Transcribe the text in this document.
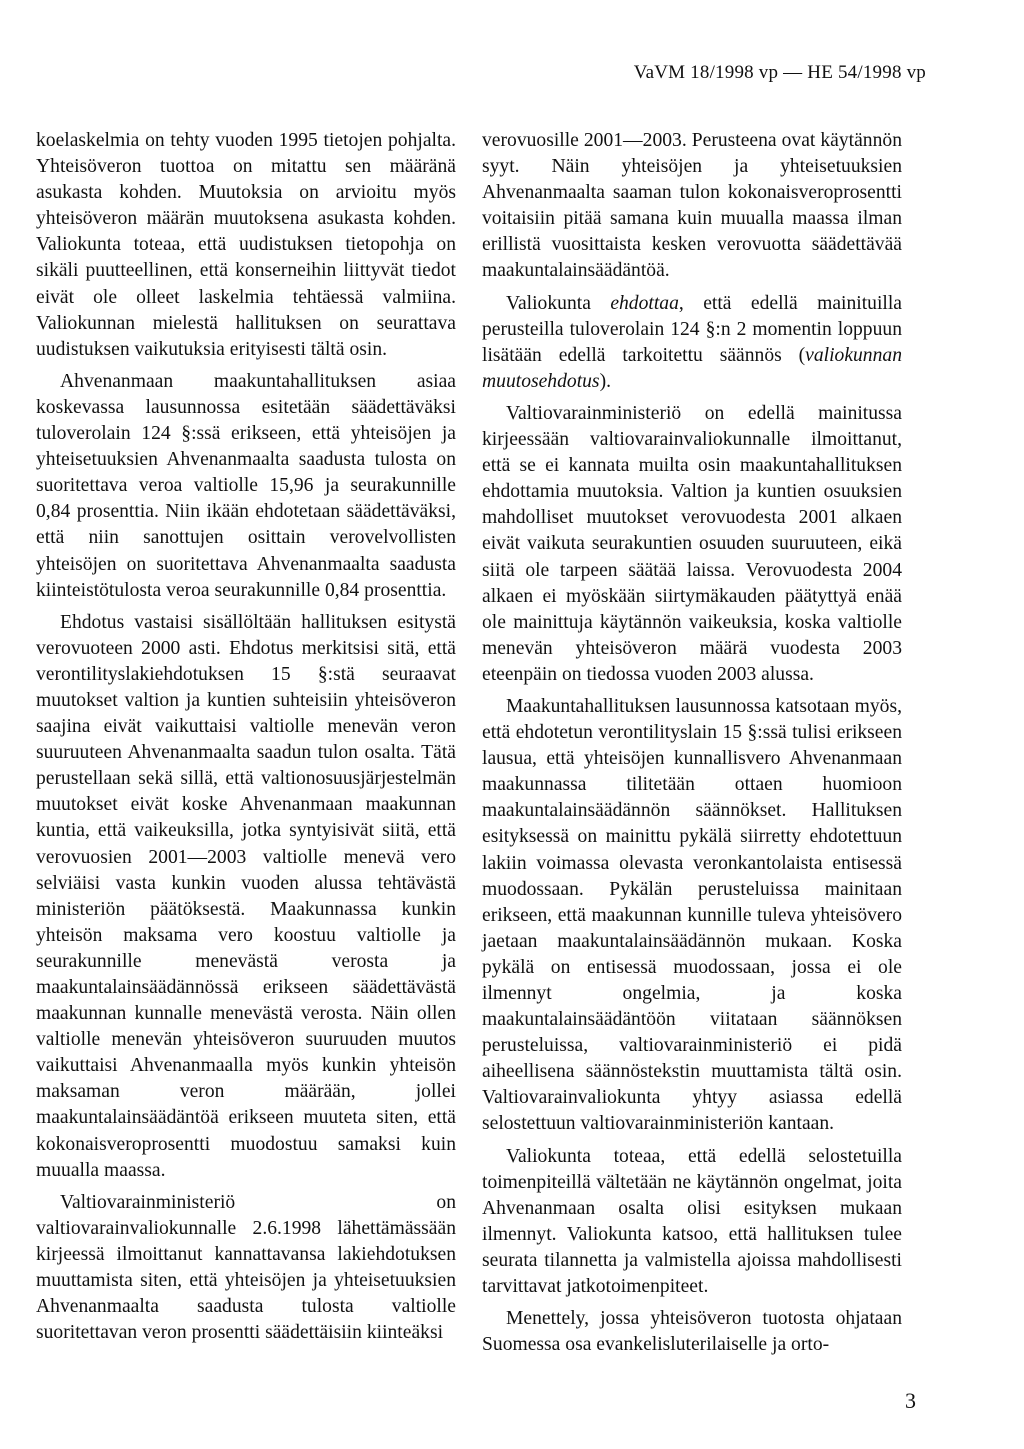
VaVM 18/1998 vp — HE 54/1998 vp

koelaskelmia on tehty vuoden 1995 tietojen pohjalta. Yhteisöveron tuottoa on mitattu sen määränä asukasta kohden. Muutoksia on arvioitu myös yhteisöveron määrän muutoksena asukasta kohden. Valiokunta toteaa, että uudistuksen tietopohja on sikäli puutteellinen, että konserneihin liittyvät tiedot eivät ole olleet laskelmia tehtäessä valmiina. Valiokunnan mielestä hallituksen on seurattava uudistuksen vaikutuksia erityisesti tältä osin.

Ahvenanmaan maakuntahallituksen asiaa koskevassa lausunnossa esitetään säädettäväksi tuloverolain 124 §:ssä erikseen, että yhteisöjen ja yhteisetuuksien Ahvenanmaalta saadusta tulosta on suoritettava veroa valtiolle 15,96 ja seurakunnille 0,84 prosenttia. Niin ikään ehdotetaan säädettäväksi, että niin sanottujen osittain verovelvollisten yhteisöjen on suoritettava Ahvenanmaalta saadusta kiinteistötulosta veroa seurakunnille 0,84 prosenttia.

Ehdotus vastaisi sisällöltään hallituksen esitystä verovuoteen 2000 asti. Ehdotus merkitsisi sitä, että verontilityslakiehdotuksen 15 §:stä seuraavat muutokset valtion ja kuntien suhteisiin yhteisöveron saajina eivät vaikuttaisi valtiolle menevän veron suuruuteen Ahvenanmaalta saadun tulon osalta. Tätä perustellaan sekä sillä, että valtionosuusjärjestelmän muutokset eivät koske Ahvenanmaan maakunnan kuntia, että vaikeuksilla, jotka syntyisivät siitä, että verovuosien 2001—2003 valtiolle menevä vero selviäisi vasta kunkin vuoden alussa tehtävästä ministeriön päätöksestä. Maakunnassa kunkin yhteisön maksama vero koostuu valtiolle ja seurakunnille menevästä verosta ja maakuntalainsäädännössä erikseen säädettävästä maakunnan kunnalle menevästä verosta. Näin ollen valtiolle menevän yhteisöveron suuruuden muutos vaikuttaisi Ahvenanmaalla myös kunkin yhteisön maksaman veron määrään, jollei maakuntalainsäädäntöä erikseen muuteta siten, että kokonaisveroprosentti muodostuu samaksi kuin muualla maassa.

Valtiovarainministeriö on valtiovarainvaliokunnalle 2.6.1998 lähettämässään kirjeessä ilmoittanut kannattavansa lakiehdotuksen muuttamista siten, että yhteisöjen ja yhteisetuuksien Ahvenanmaalta saadusta tulosta valtiolle suoritettavan veron prosentti säädettäisiin kiinteäksi

verovuosille 2001—2003. Perusteena ovat käytännön syyt. Näin yhteisöjen ja yhteisetuuksien Ahvenanmaalta saaman tulon kokonaisveroprosentti voitaisiin pitää samana kuin muualla maassa ilman erillistä vuosittaista kesken verovuotta säädettävää maakuntalainsäädäntöä.

Valiokunta ehdottaa, että edellä mainituilla perusteilla tuloverolain 124 §:n 2 momentin loppuun lisätään edellä tarkoitettu säännös (valiokunnan muutosehdotus).

Valtiovarainministeriö on edellä mainitussa kirjeessään valtiovarainvaliokunnalle ilmoittanut, että se ei kannata muilta osin maakuntahallituksen ehdottamia muutoksia. Valtion ja kuntien osuuksien mahdolliset muutokset verovuodesta 2001 alkaen eivät vaikuta seurakuntien osuuden suuruuteen, eikä siitä ole tarpeen säätää laissa. Verovuodesta 2004 alkaen ei myöskään siirtymäkauden päätyttyä enää ole mainittuja käytännön vaikeuksia, koska valtiolle menevän yhteisöveron määrä vuodesta 2003 eteenpäin on tiedossa vuoden 2003 alussa.

Maakuntahallituksen lausunnossa katsotaan myös, että ehdotetun verontilityslain 15 §:ssä tulisi erikseen lausua, että yhteisöjen kunnallisvero Ahvenanmaan maakunnassa tilitetään ottaen huomioon maakuntalainsäädännön säännökset. Hallituksen esityksessä on mainittu pykälä siirretty ehdotettuun lakiin voimassa olevasta veronkantolaista entisessä muodossaan. Pykälän perusteluissa mainitaan erikseen, että maakunnan kunnille tuleva yhteisövero jaetaan maakuntalainsäädännön mukaan. Koska pykälä on entisessä muodossaan, jossa ei ole ilmennyt ongelmia, ja koska maakuntalainsäädäntöön viitataan säännöksen perusteluissa, valtiovarainministeriö ei pidä aiheellisena säännöstekstin muuttamista tältä osin. Valtiovarainvaliokunta yhtyy asiassa edellä selostettuun valtiovarainministeriön kantaan.

Valiokunta toteaa, että edellä selostetuilla toimenpiteillä vältetään ne käytännön ongelmat, joita Ahvenanmaan osalta olisi esityksen mukaan ilmennyt. Valiokunta katsoo, että hallituksen tulee seurata tilannetta ja valmistella ajoissa mahdollisesti tarvittavat jatkotoimenpiteet.

Menettely, jossa yhteisöveron tuotosta ohjataan Suomessa osa evankelisluterilaiselle ja orto-

3
